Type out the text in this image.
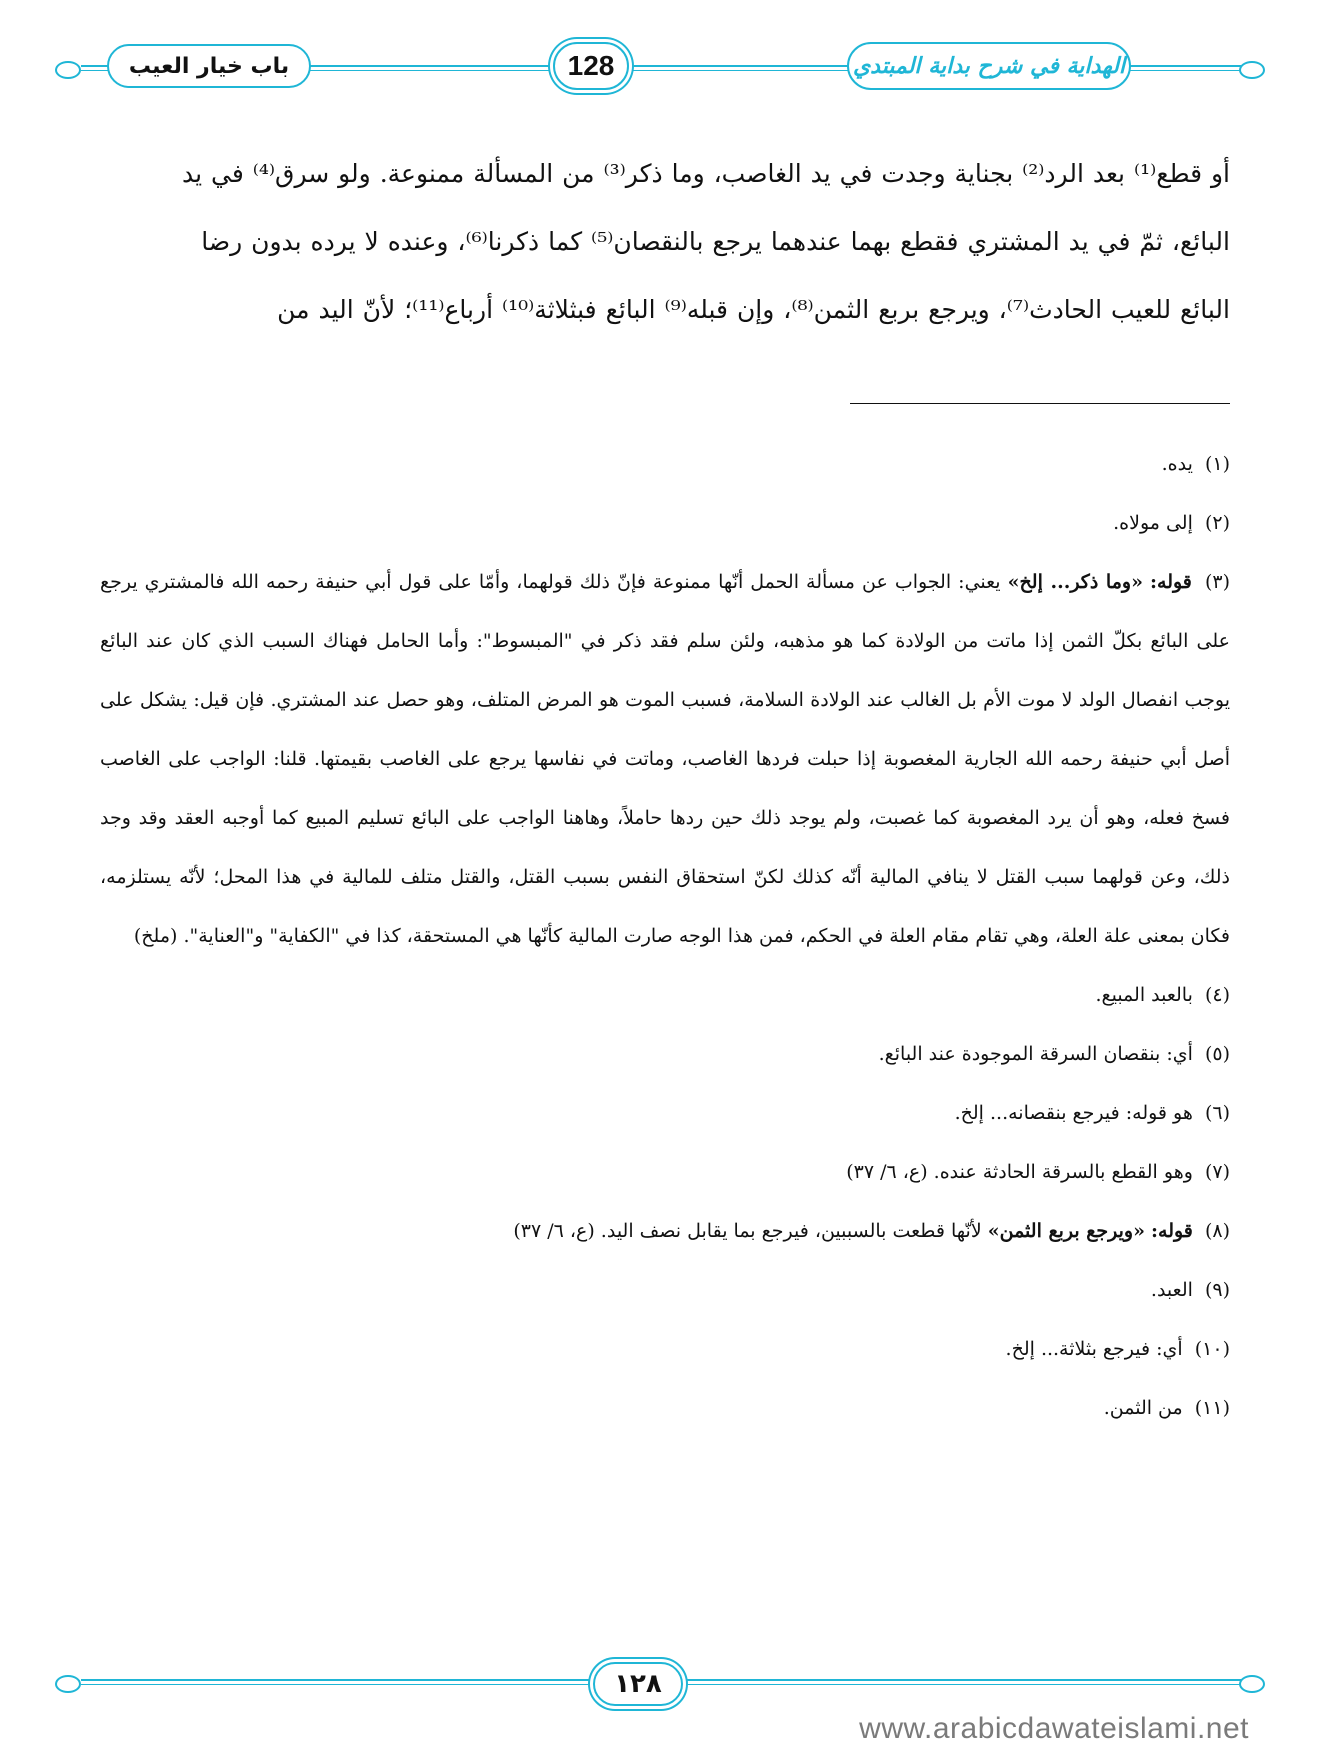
باب خيار العيب	128	الهداية في شرح بداية المبتدي

أو قطع⁽¹⁾ بعد الرد⁽²⁾ بجناية وجدت في يد الغاصب، وما ذكر⁽³⁾ من المسألة ممنوعة. ولو سرق⁽⁴⁾ في يد

البائع، ثمّ في يد المشتري فقطع بهما عندهما يرجع بالنقصان⁽⁵⁾ كما ذكرنا⁽⁶⁾، وعنده لا يرده بدون رضا

البائع للعيب الحادث⁽⁷⁾، ويرجع بربع الثمن⁽⁸⁾، وإن قبله⁽⁹⁾ البائع فبثلاثة⁽¹⁰⁾ أرباع⁽¹¹⁾؛ لأنّ اليد من

(١) يده.

(٢) إلى مولاه.

(٣) قوله: «وما ذكر... إلخ» يعني: الجواب عن مسألة الحمل أنّها ممنوعة فإنّ ذلك قولهما، وأمّا على قول أبي حنيفة رحمه الله فالمشتري يرجع على البائع بكلّ الثمن إذا ماتت من الولادة كما هو مذهبه، ولئن سلم فقد ذكر في "المبسوط": وأما الحامل فهناك السبب الذي كان عند البائع يوجب انفصال الولد لا موت الأم بل الغالب عند الولادة السلامة، فسبب الموت هو المرض المتلف، وهو حصل عند المشتري. فإن قيل: يشكل على أصل أبي حنيفة رحمه الله الجارية المغصوبة إذا حبلت فردها الغاصب، وماتت في نفاسها يرجع على الغاصب بقيمتها. قلنا: الواجب على الغاصب فسخ فعله، وهو أن يرد المغصوبة كما غصبت، ولم يوجد ذلك حين ردها حاملاً، وهاهنا الواجب على البائع تسليم المبيع كما أوجبه العقد وقد وجد ذلك، وعن قولهما سبب القتل لا ينافي المالية أنّه كذلك لكنّ استحقاق النفس بسبب القتل، والقتل متلف للمالية في هذا المحل؛ لأنّه يستلزمه، فكان بمعنى علة العلة، وهي تقام مقام العلة في الحكم، فمن هذا الوجه صارت المالية كأنّها هي المستحقة، كذا في "الكفاية" و"العناية". (ملخ)

(٤) بالعبد المبيع.

(٥) أي: بنقصان السرقة الموجودة عند البائع.

(٦) هو قوله: فيرجع بنقصانه... إلخ.

(٧) وهو القطع بالسرقة الحادثة عنده. (ع، ٦/ ٣٧)

(٨) قوله: «ويرجع بربع الثمن» لأنّها قطعت بالسببين، فيرجع بما يقابل نصف اليد. (ع، ٦/ ٣٧)

(٩) العبد.

(١٠) أي: فيرجع بثلاثة... إلخ.

(١١) من الثمن.

١٢٨
www.arabicdawateislami.net
